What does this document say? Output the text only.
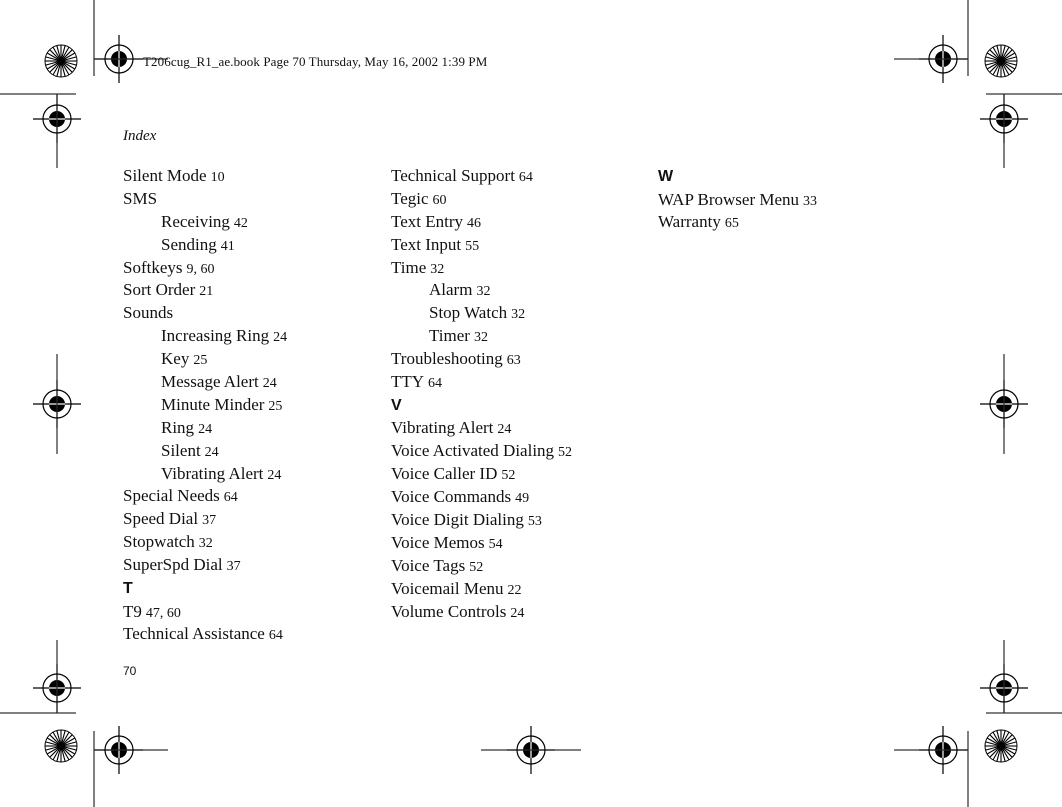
T206cug_R1_ae.book Page 70 Thursday, May 16, 2002 1:39 PM
Index
Silent Mode 10
SMS
Receiving 42
Sending 41
Softkeys 9, 60
Sort Order 21
Sounds
Increasing Ring 24
Key 25
Message Alert 24
Minute Minder 25
Ring 24
Silent 24
Vibrating Alert 24
Special Needs 64
Speed Dial 37
Stopwatch 32
SuperSpd Dial 37
T
T9 47, 60
Technical Assistance 64
Technical Support 64
Tegic 60
Text Entry 46
Text Input 55
Time 32
Alarm 32
Stop Watch 32
Timer 32
Troubleshooting 63
TTY 64
V
Vibrating Alert 24
Voice Activated Dialing 52
Voice Caller ID 52
Voice Commands 49
Voice Digit Dialing 53
Voice Memos 54
Voice Tags 52
Voicemail Menu 22
Volume Controls 24
W
WAP Browser Menu 33
Warranty 65
70
